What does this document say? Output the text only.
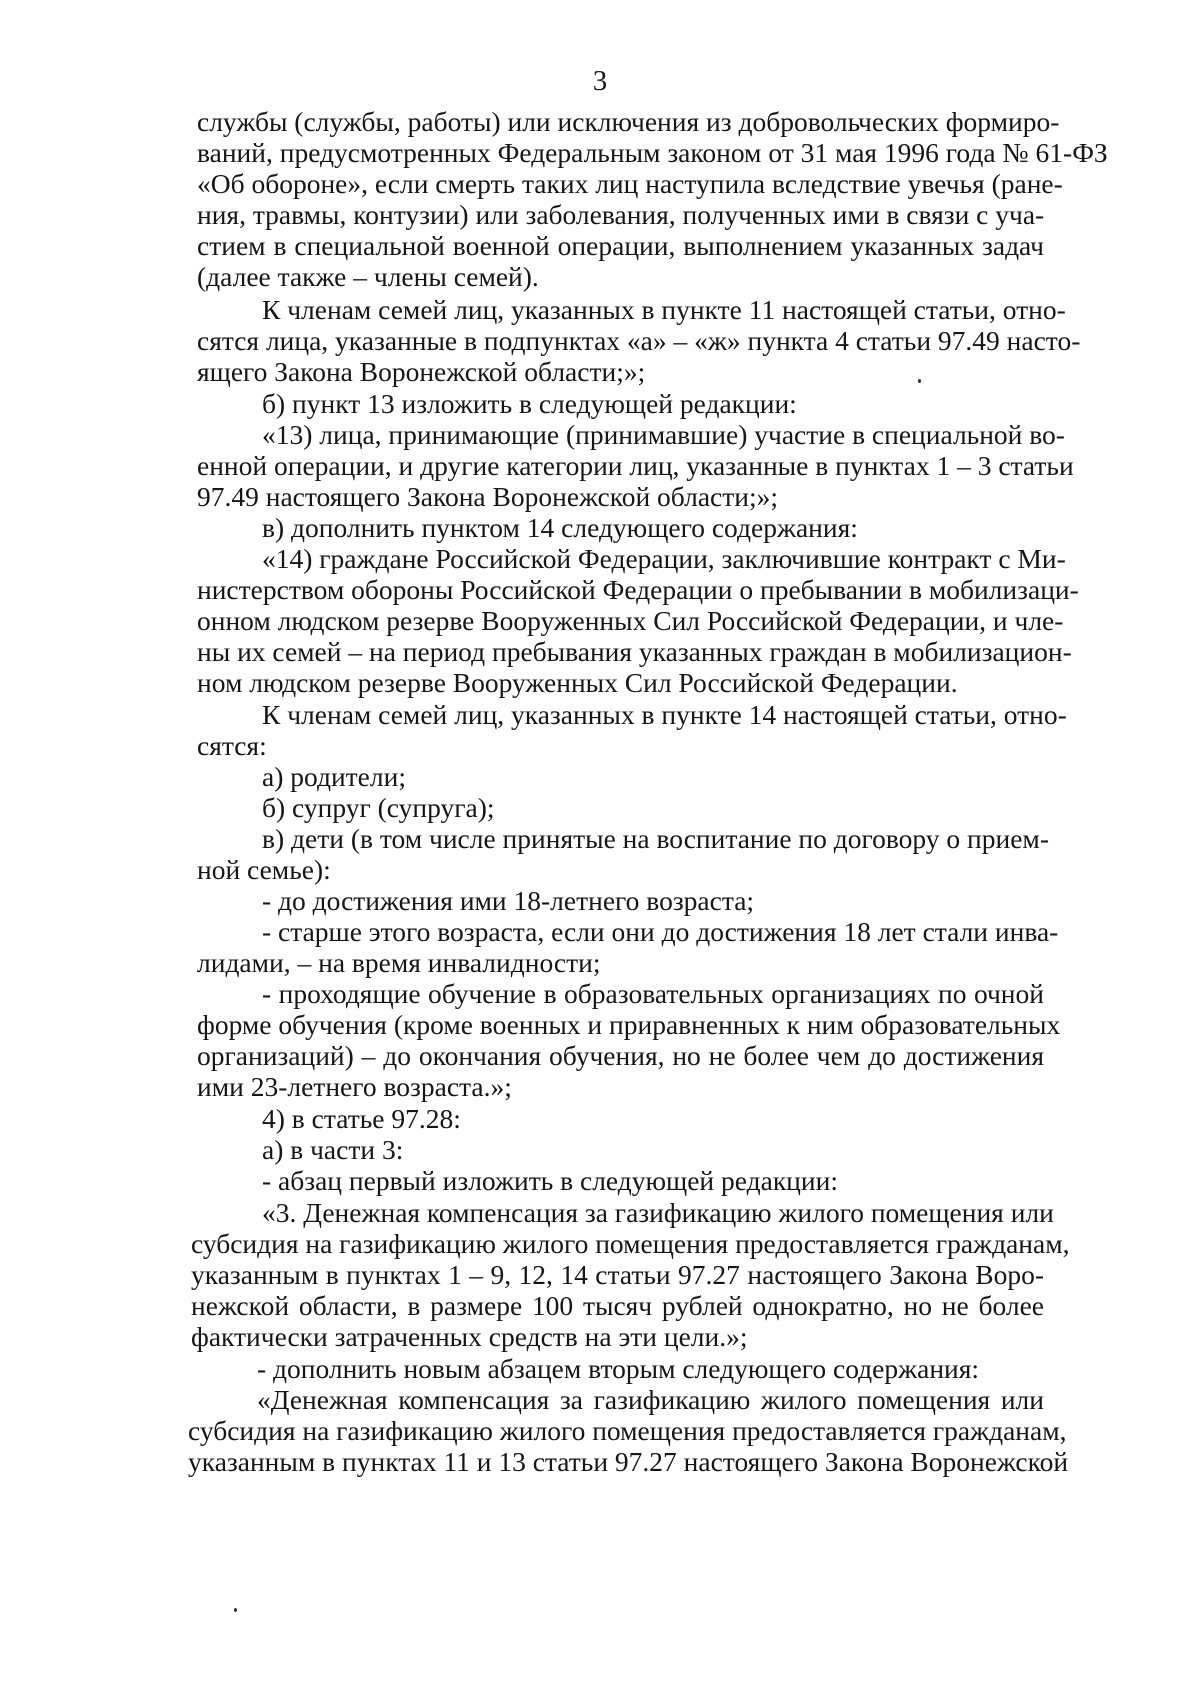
3
службы (службы, работы) или исключения из добровольческих формиро-
ваний, предусмотренных Федеральным законом от 31 мая 1996 года № 61-ФЗ
«Об обороне», если смерть таких лиц наступила вследствие увечья (ране-
ния, травмы, контузии) или заболевания, полученных ими в связи с уча-
стием в специальной военной операции, выполнением указанных задач
(далее также – члены семей).
К членам семей лиц, указанных в пункте 11 настоящей статьи, отно-
сятся лица, указанные в подпунктах «а» – «ж» пункта 4 статьи 97.49 насто-
ящего Закона Воронежской области;»;
б) пункт 13 изложить в следующей редакции:
«13) лица, принимающие (принимавшие) участие в специальной во-
енной операции, и другие категории лиц, указанные в пунктах 1 – 3 статьи
97.49 настоящего Закона Воронежской области;»;
в) дополнить пунктом 14 следующего содержания:
«14) граждане Российской Федерации, заключившие контракт с Ми-
нистерством обороны Российской Федерации о пребывании в мобилизаци-
онном людском резерве Вооруженных Сил Российской Федерации, и чле-
ны их семей – на период пребывания указанных граждан в мобилизацион-
ном людском резерве Вооруженных Сил Российской Федерации.
К членам семей лиц, указанных в пункте 14 настоящей статьи, отно-
сятся:
а) родители;
б) супруг (супруга);
в) дети (в том числе принятые на воспитание по договору о прием-
ной семье):
- до достижения ими 18-летнего возраста;
- старше этого возраста, если они до достижения 18 лет стали инва-
лидами, – на время инвалидности;
- проходящие обучение в образовательных организациях по очной
форме обучения (кроме военных и приравненных к ним образовательных
организаций) – до окончания обучения, но не более чем до достижения
ими 23-летнего возраста.»;
4) в статье 97.28:
а) в части 3:
- абзац первый изложить в следующей редакции:
«3. Денежная компенсация за газификацию жилого помещения или
субсидия на газификацию жилого помещения предоставляется гражданам,
указанным в пунктах 1 – 9, 12, 14 статьи 97.27 настоящего Закона Воро-
нежской области, в размере 100 тысяч рублей однократно, но не более
фактически затраченных средств на эти цели.»;
- дополнить новым абзацем вторым следующего содержания:
«Денежная компенсация за газификацию жилого помещения или
субсидия на газификацию жилого помещения предоставляется гражданам,
указанным в пунктах 11 и 13 статьи 97.27 настоящего Закона Воронежской
